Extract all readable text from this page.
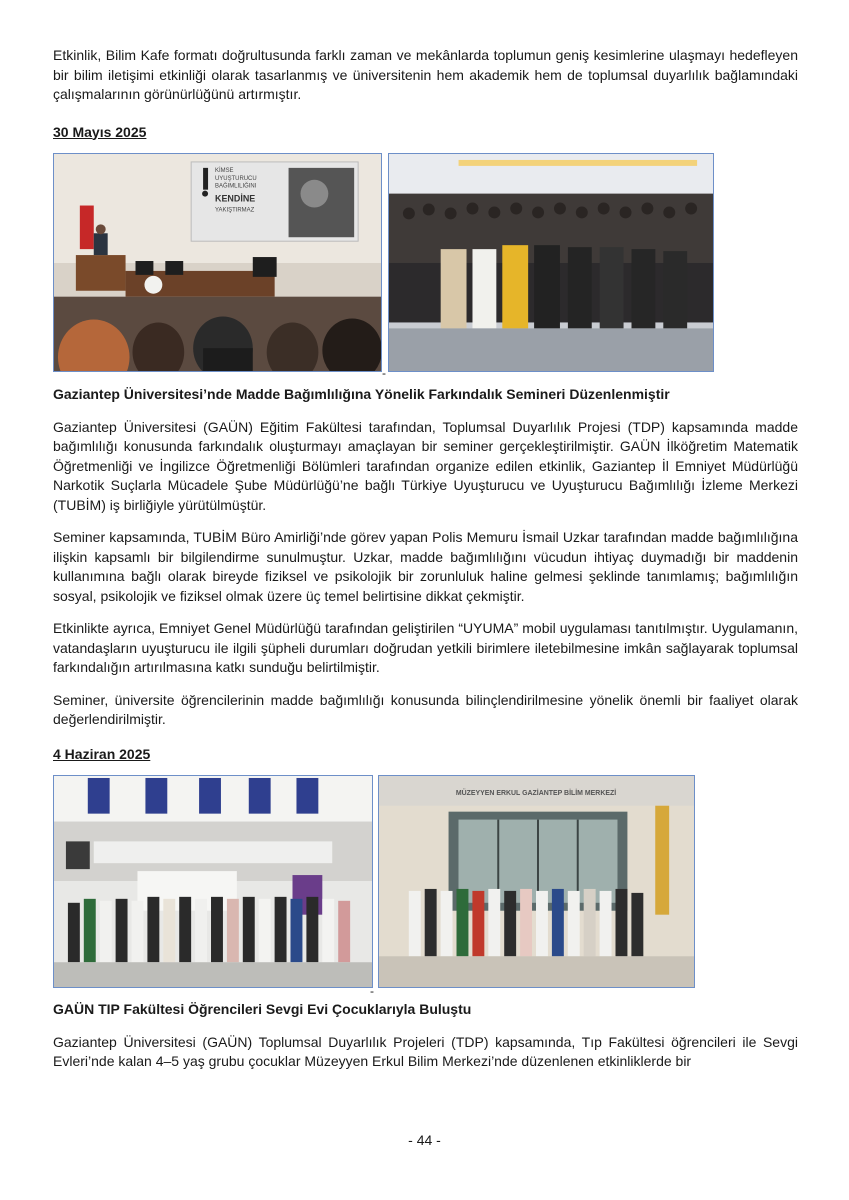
Etkinlik, Bilim Kafe formatı doğrultusunda farklı zaman ve mekânlarda toplumun geniş kesimlerine ulaşmayı hedefleyen bir bilim iletişimi etkinliği olarak tasarlanmış ve üniversitenin hem akademik hem de toplumsal duyarlılık bağlamındaki çalışmalarının görünürlüğünü artırmıştır.

30 Mayıs 2025
KİMSE
UYUŞTURUCU
BAĞIMLILIĞINI
KENDİNE
YAKIŞTIRMAZ
-
Gaziantep Üniversitesi’nde Madde Bağımlılığına Yönelik Farkındalık Semineri Düzenlenmiştir

Gaziantep Üniversitesi (GAÜN) Eğitim Fakültesi tarafından, Toplumsal Duyarlılık Projesi (TDP) kapsamında madde bağımlılığı konusunda farkındalık oluşturmayı amaçlayan bir seminer gerçekleştirilmiştir. GAÜN İlköğretim Matematik Öğretmenliği ve İngilizce Öğretmenliği Bölümleri tarafından organize edilen etkinlik, Gaziantep İl Emniyet Müdürlüğü Narkotik Suçlarla Mücadele Şube Müdürlüğü’ne bağlı Türkiye Uyuşturucu ve Uyuşturucu Bağımlılığı İzleme Merkezi (TUBİM) iş birliğiyle yürütülmüştür.

Seminer kapsamında, TUBİM Büro Amirliği’nde görev yapan Polis Memuru İsmail Uzkar tarafından madde bağımlılığına ilişkin kapsamlı bir bilgilendirme sunulmuştur. Uzkar, madde bağımlılığını vücudun ihtiyaç duymadığı bir maddenin kullanımına bağlı olarak bireyde fiziksel ve psikolojik bir zorunluluk haline gelmesi şeklinde tanımlamış; bağımlılığın sosyal, psikolojik ve fiziksel olmak üzere üç temel belirtisine dikkat çekmiştir.

Etkinlikte ayrıca, Emniyet Genel Müdürlüğü tarafından geliştirilen “UYUMA” mobil uygulaması tanıtılmıştır. Uygulamanın, vatandaşların uyuşturucu ile ilgili şüpheli durumları doğrudan yetkili birimlere iletebilmesine imkân sağlayarak toplumsal farkındalığın artırılmasına katkı sunduğu belirtilmiştir.

Seminer, üniversite öğrencilerinin madde bağımlılığı konusunda bilinçlendirilmesine yönelik önemli bir faaliyet olarak değerlendirilmiştir.

4 Haziran 2025
MÜZEYYEN ERKUL GAZİANTEP BİLİM MERKEZİ
-
GAÜN TIP Fakültesi Öğrencileri Sevgi Evi Çocuklarıyla Buluştu

Gaziantep Üniversitesi (GAÜN) Toplumsal Duyarlılık Projeleri (TDP) kapsamında, Tıp Fakültesi öğrencileri ile Sevgi Evleri’nde kalan 4–5 yaş grubu çocuklar Müzeyyen Erkul Bilim Merkezi’nde düzenlenen etkinliklerde bir

- 44 -
